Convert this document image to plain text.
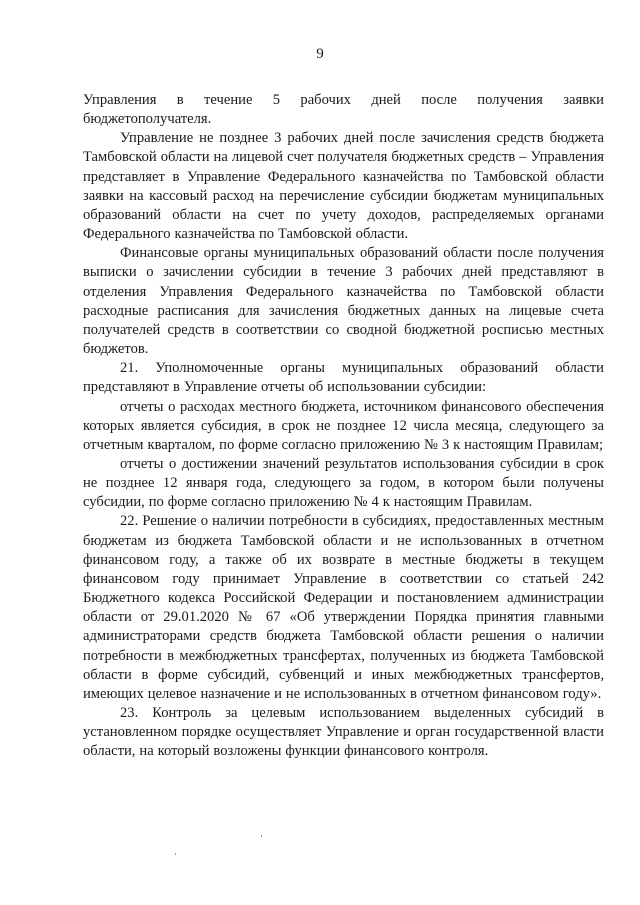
9

Управления в течение 5 рабочих дней после получения заявки бюджетополучателя.

Управление не позднее 3 рабочих дней после зачисления средств бюджета Тамбовской области на лицевой счет получателя бюджетных средств – Управления представляет в Управление Федерального казначейства по Тамбовской области заявки на кассовый расход на перечисление субсидии бюджетам муниципальных образований области на счет по учету доходов, распределяемых органами Федерального казначейства по Тамбовской области.

Финансовые органы муниципальных образований области после получения выписки о зачислении субсидии в течение 3 рабочих дней представляют в отделения Управления Федерального казначейства по Тамбовской области расходные расписания для зачисления бюджетных данных на лицевые счета получателей средств в соответствии со сводной бюджетной росписью местных бюджетов.

21. Уполномоченные органы муниципальных образований области представляют в Управление отчеты об использовании субсидии:

отчеты о расходах местного бюджета, источником финансового обеспечения которых является субсидия, в срок не позднее 12 числа месяца, следующего за отчетным кварталом, по форме согласно приложению № 3 к настоящим Правилам;

отчеты о достижении значений результатов использования субсидии в срок не позднее 12 января года, следующего за годом, в котором были получены субсидии, по форме согласно приложению № 4 к настоящим Правилам.

22. Решение о наличии потребности в субсидиях, предоставленных местным бюджетам из бюджета Тамбовской области и не использованных в отчетном финансовом году, а также об их возврате в местные бюджеты в текущем финансовом году принимает Управление в соответствии со статьей 242 Бюджетного кодекса Российской Федерации и постановлением администрации области от 29.01.2020 № 67 «Об утверждении Порядка принятия главными администраторами средств бюджета Тамбовской области решения о наличии потребности в межбюджетных трансфертах, полученных из бюджета Тамбовской области в форме субсидий, субвенций и иных межбюджетных трансфертов, имеющих целевое назначение и не использованных в отчетном финансовом году».

23. Контроль за целевым использованием выделенных субсидий в установленном порядке осуществляет Управление и орган государственной власти области, на который возложены функции финансового контроля.
